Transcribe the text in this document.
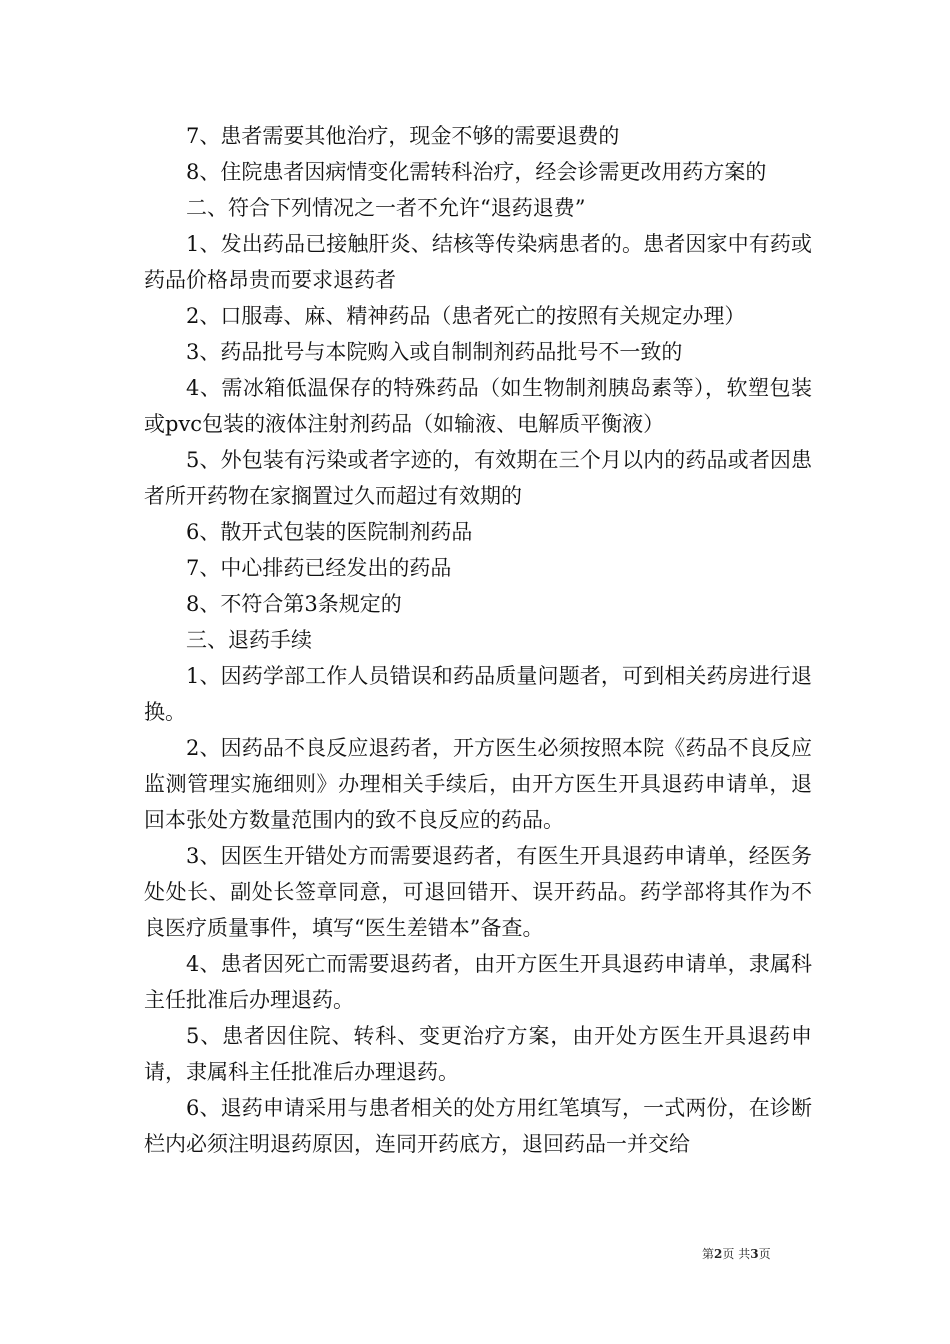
7、患者需要其他治疗，现金不够的需要退费的

8、住院患者因病情变化需转科治疗，经会诊需更改用药方案的

二、符合下列情况之一者不允许“退药退费”

1、发出药品已接触肝炎、结核等传染病患者的。患者因家中有药或药品价格昂贵而要求退药者

2、口服毒、麻、精神药品（患者死亡的按照有关规定办理）

3、药品批号与本院购入或自制制剂药品批号不一致的

4、需冰箱低温保存的特殊药品（如生物制剂胰岛素等），软塑包装或pvc包装的液体注射剂药品（如输液、电解质平衡液）

5、外包装有污染或者字迹的，有效期在三个月以内的药品或者因患者所开药物在家搁置过久而超过有效期的

6、散开式包装的医院制剂药品

7、中心排药已经发出的药品

8、不符合第3条规定的

三、退药手续

1、因药学部工作人员错误和药品质量问题者，可到相关药房进行退换。

2、因药品不良反应退药者，开方医生必须按照本院《药品不良反应监测管理实施细则》办理相关手续后，由开方医生开具退药申请单，退回本张处方数量范围内的致不良反应的药品。

3、因医生开错处方而需要退药者，有医生开具退药申请单，经医务处处长、副处长签章同意，可退回错开、误开药品。药学部将其作为不良医疗质量事件，填写“医生差错本”备查。

4、患者因死亡而需要退药者，由开方医生开具退药申请单，隶属科主任批准后办理退药。

5、患者因住院、转科、变更治疗方案，由开处方医生开具退药申请，隶属科主任批准后办理退药。

6、退药申请采用与患者相关的处方用红笔填写，一式两份，在诊断栏内必须注明退药原因，连同开药底方，退回药品一并交给

第2页 共3页
